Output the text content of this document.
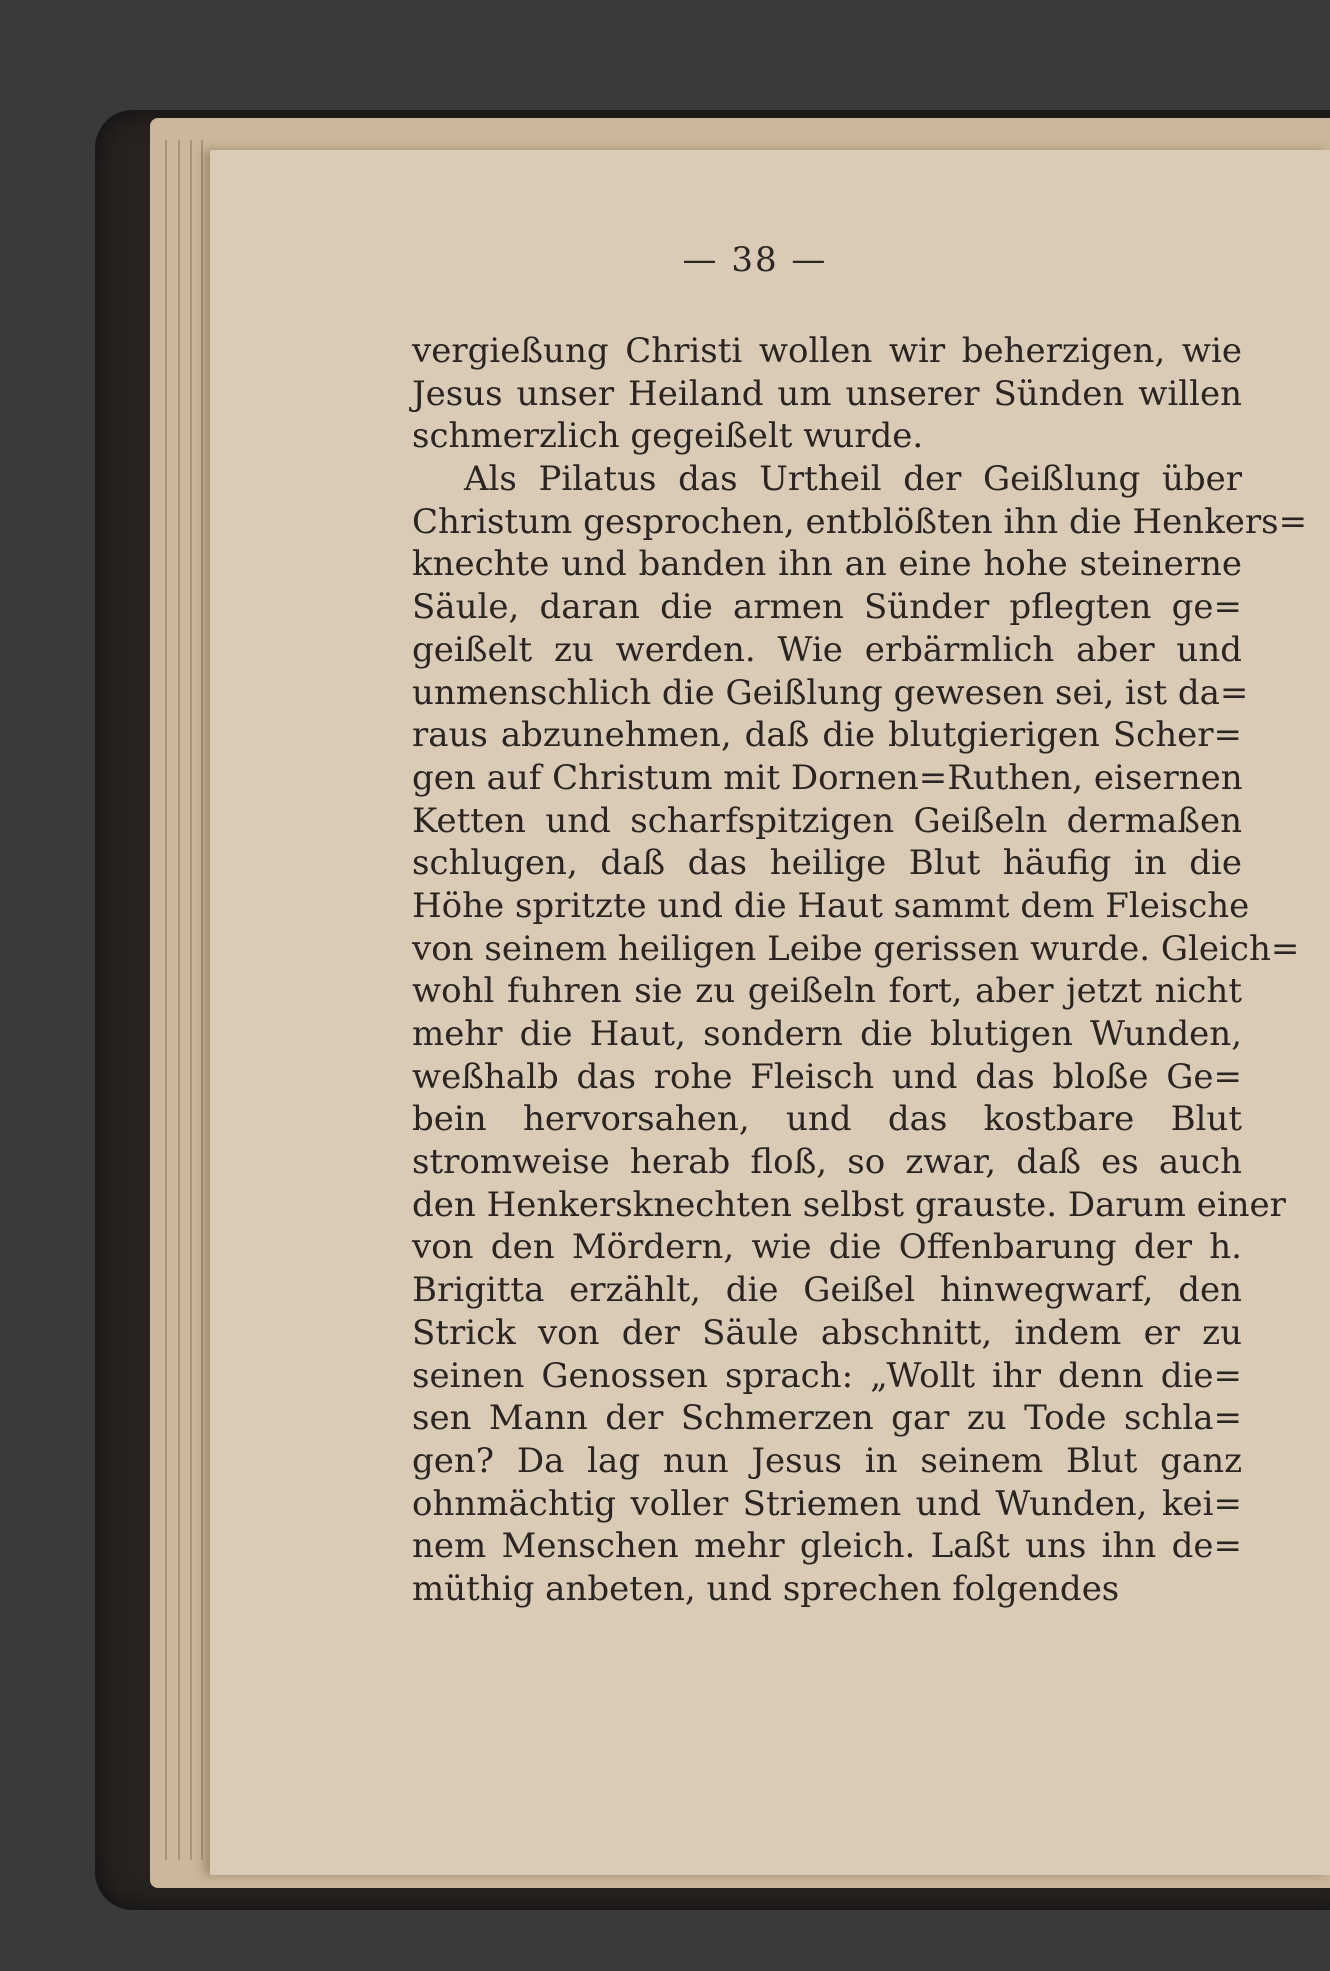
— 38 —
vergießung Christi wollen wir beherzigen, wie
Jesus unser Heiland um unserer Sünden willen
schmerzlich gegeißelt wurde.
Als Pilatus das Urtheil der Geißlung über
Christum gesprochen, entblößten ihn die Henkers=
knechte und banden ihn an eine hohe steinerne
Säule, daran die armen Sünder pflegten ge=
geißelt zu werden. Wie erbärmlich aber und
unmenschlich die Geißlung gewesen sei, ist da=
raus abzunehmen, daß die blutgierigen Scher=
gen auf Christum mit Dornen=Ruthen, eisernen
Ketten und scharfspitzigen Geißeln dermaßen
schlugen, daß das heilige Blut häufig in die
Höhe spritzte und die Haut sammt dem Fleische
von seinem heiligen Leibe gerissen wurde. Gleich=
wohl fuhren sie zu geißeln fort, aber jetzt nicht
mehr die Haut, sondern die blutigen Wunden,
weßhalb das rohe Fleisch und das bloße Ge=
bein hervorsahen, und das kostbare Blut
stromweise herab floß, so zwar, daß es auch
den Henkersknechten selbst grauste. Darum einer
von den Mördern, wie die Offenbarung der h.
Brigitta erzählt, die Geißel hinwegwarf, den
Strick von der Säule abschnitt, indem er zu
seinen Genossen sprach: „Wollt ihr denn die=
sen Mann der Schmerzen gar zu Tode schla=
gen? Da lag nun Jesus in seinem Blut ganz
ohnmächtig voller Striemen und Wunden, kei=
nem Menschen mehr gleich. Laßt uns ihn de=
müthig anbeten, und sprechen folgendes
